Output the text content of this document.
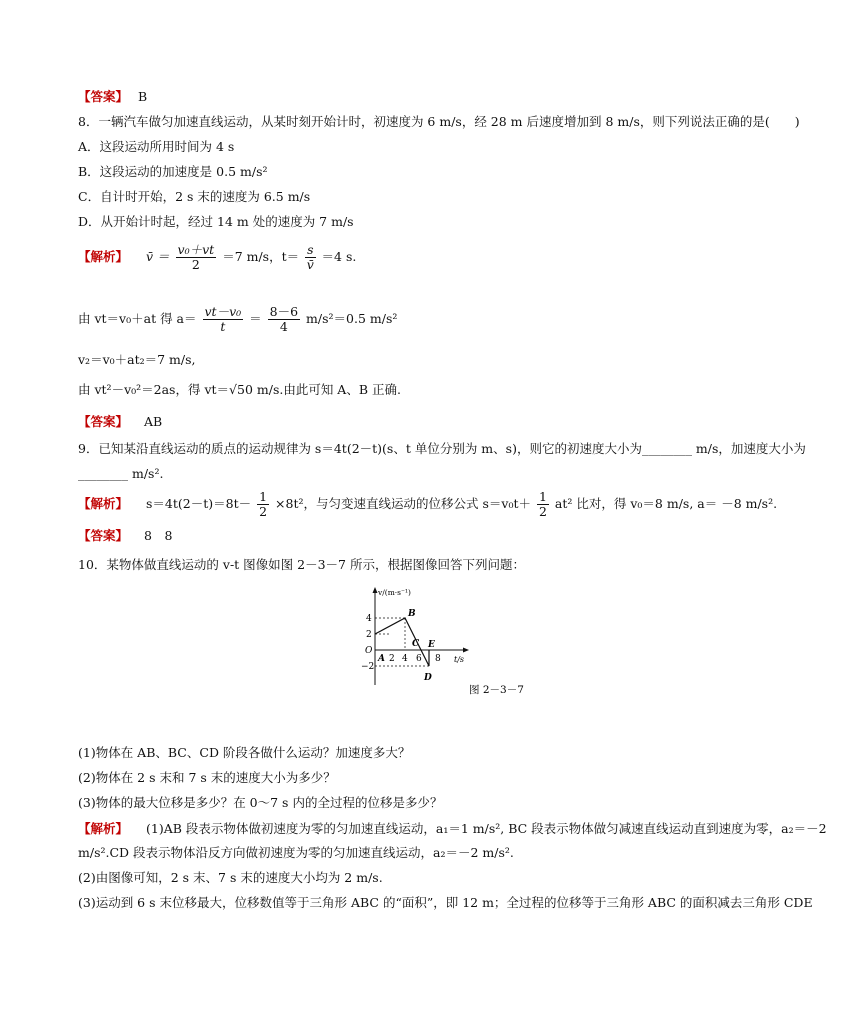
【答案】 B
8．一辆汽车做匀加速直线运动，从某时刻开始计时，初速度为 6 m/s，经 28 m 后速度增加到 8 m/s，则下列说法正确的是(　　)
A．这段运动所用时间为 4 s
B．这段运动的加速度是 0.5 m/s²
C．自计时开始，2 s 末的速度为 6.5 m/s
D．从开始计时起，经过 14 m 处的速度为 7 m/s
【解析】 v̄ ＝ $\frac{\text{v₀＋vt}}{2} =7$ m/s，$t= \frac{s}{v̄} =4$ s.
由 vt＝v₀＋at 得 $a= \frac{\text{vt－v₀}}{t} = \frac{8-6}{4} m/s^2=0.5$ m/s²
v₂＝v₀＋at₂＝7 m/s,
由 vt²－v₀²＝2as，得 vt＝√50 m/s.由此可知 A、B 正确.
【答案】 AB
9．已知某沿直线运动的质点的运动规律为 s＝4t(2－t)(s、t 单位分别为 m、s)，则它的初速度大小为________ m/s，加速度大小为
________ m/s².
【解析】 $s=4t(2-t)=8t- \frac{1}{2} \times 8t^2$，与匀变速直线运动的位移公式 $s=v_0t+ \frac{1}{2} at^2$ 比对，得 v₀＝8 m/s, a＝ －8 m/s².
【答案】 8　8
10．某物体做直线运动的 v-t 图像如图 2－3－7 所示，根据图像回答下列问题：
v/(m·s⁻¹)
4
2
O
−2
2 4 6 8 t/s
A
B
C
D
E
图 2－3－7
(1)物体在 AB、BC、CD 阶段各做什么运动？加速度多大？
(2)物体在 2 s 末和 7 s 末的速度大小为多少？
(3)物体的最大位移是多少？在 0～7 s 内的全过程的位移是多少？
【解析】 (1)AB 段表示物体做初速度为零的匀加速直线运动，a₁＝1 m/s², BC 段表示物体做匀减速直线运动直到速度为零，a₂＝－2
m/s².CD 段表示物体沿反方向做初速度为零的匀加速直线运动，a₂＝－2 m/s².
(2)由图像可知，2 s 末、7 s 末的速度大小均为 2 m/s.
(3)运动到 6 s 末位移最大，位移数值等于三角形 ABC 的“面积”，即 12 m；全过程的位移等于三角形 ABC 的面积减去三角形 CDE
